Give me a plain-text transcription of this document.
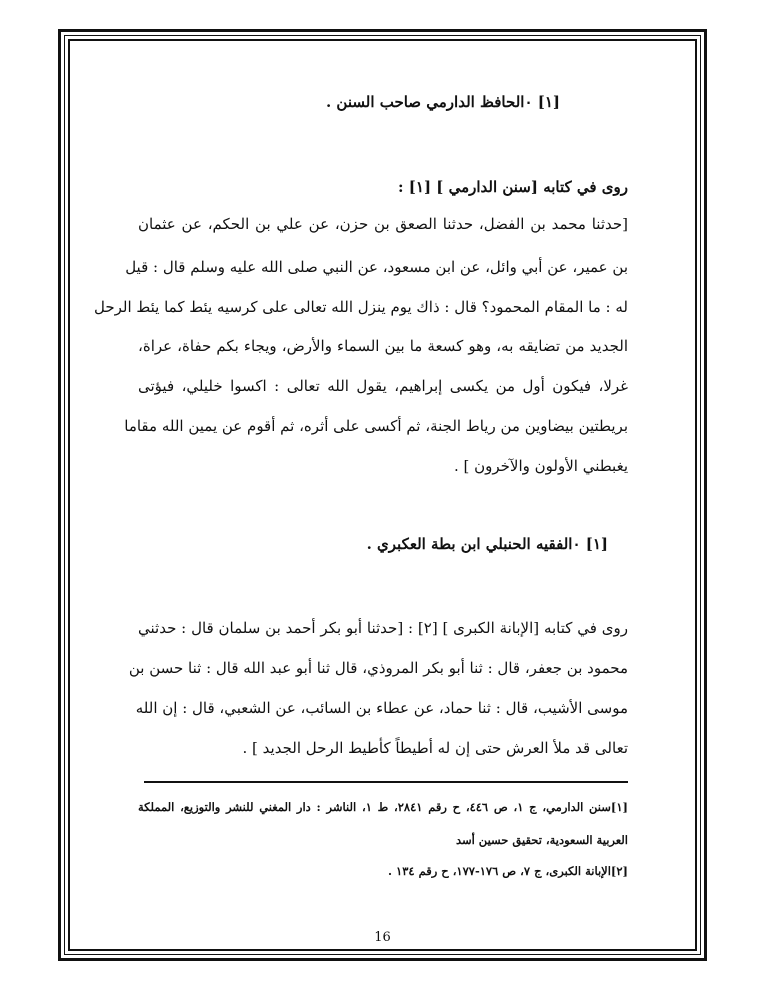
[١] ٠الحافظ الدارمي صاحب السنن .
روى في كتابه [سنن الدارمي ] [١] :
[حدثنا محمد بن الفضل، حدثنا الصعق بن حزن، عن علي بن الحكم، عن عثمان
بن عمير، عن أبي وائل، عن ابن مسعود، عن النبي صلى الله عليه وسلم قال : قيل
له : ما المقام المحمود؟ قال : ذاك يوم ينزل الله تعالى على كرسيه يئط كما يئط الرحل
الجديد من تضايقه به، وهو كسعة ما بين السماء والأرض، ويجاء بكم حفاة، عراة،
غرلا، فيكون أول من يكسى إبراهيم، يقول الله تعالى : اكسوا خليلي، فيؤتى
بريطتين بيضاوين من رياط الجنة، ثم أكسى على أثره، ثم أقوم عن يمين الله مقاما
يغبطني الأولون والآخرون ] .
[١] ٠الفقيه الحنبلي ابن بطة العكبري .
روى في كتابه [الإبانة الكبرى ] [٢] : [حدثنا أبو بكر أحمد بن سلمان قال : حدثني
محمود بن جعفر، قال : ثنا أبو بكر المروذي، قال ثنا أبو عبد الله قال : ثنا حسن بن
موسى الأشيب، قال : ثنا حماد، عن عطاء بن السائب، عن الشعبي، قال : إن الله
تعالى قد ملأ العرش حتى إن له أطيطاً كأطيط الرحل الجديد ] .
[١]سنن الدارمي، ج ١، ص ٤٤٦، ح رقم ٢٨٤١، ط ١، الناشر : دار المغني للنشر والتوزيع، المملكة
العربية السعودية، تحقيق حسين أسد
[٢]الإبانة الكبرى، ج ٧، ص ١٧٦-١٧٧، ح رقم ١٣٤ .
16
